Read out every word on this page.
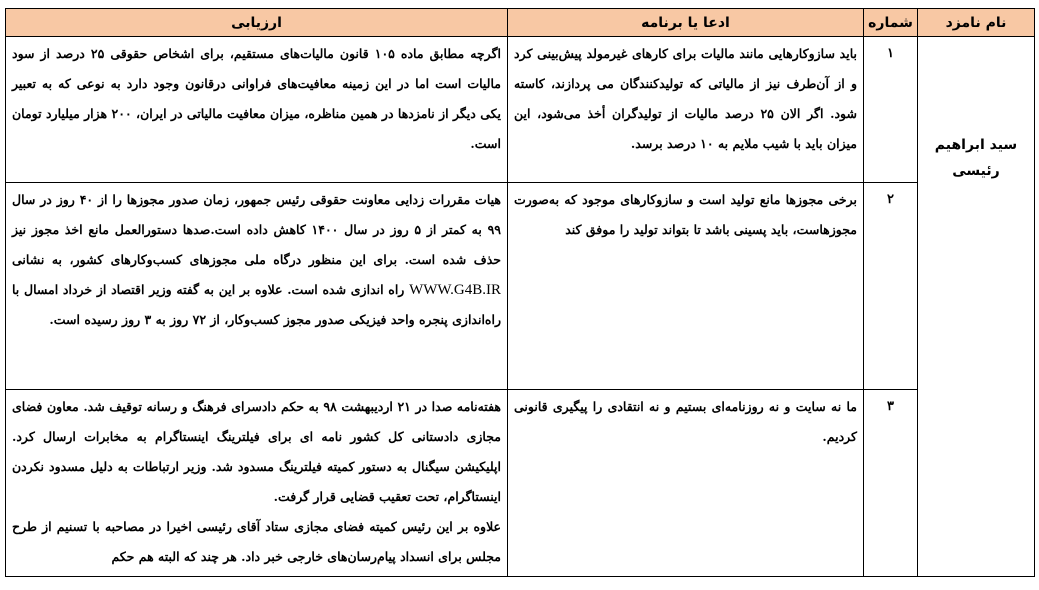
نام نامزد	شماره	ادعا یا برنامه	ارزیابی

سید ابراهیم رئیسی
	۱	باید سازوکارهایی مانند مالیات برای کارهای غیرمولد پیش‌بینی کرد و از آن‌طرف نیز از مالیاتی که تولیدکنندگان می پردازند، کاسته شود. اگر الان ۲۵ درصد مالیات از تولیدگران أخذ می‌شود، این میزان باید با شیب ملایم به ۱۰ درصد برسد.	اگرچه مطابق ماده ۱۰۵ قانون مالیات‌های مستقیم، برای اشخاص حقوقی ۲۵ درصد از سود مالیات است اما در این زمینه معافیت‌های فراوانی درقانون وجود دارد به نوعی که به تعبیر یکی دیگر از نامزدها در همین مناظره، میزان معافیت مالیاتی در ایران، ۲۰۰ هزار میلیارد تومان است.
	۲	برخی مجوزها مانع تولید است و سازوکارهای موجود که به‌صورت مجوزهاست، باید پسینی باشد تا بتواند تولید را موفق کند	هیات مقررات زدایی معاونت حقوقی رئیس جمهور، زمان صدور مجوزها را از ۴۰ روز در سال ۹۹ به کمتر از ۵ روز در سال ۱۴۰۰ کاهش داده است.صدها دستورالعمل مانع اخذ مجوز نیز حذف شده است. برای این منظور درگاه ملی مجوزهای کسب‌وکارهای کشور، به نشانی WWW.G4B.IR راه اندازی شده است. علاوه بر این به گفته وزیر اقتصاد از خرداد امسال با راه‌اندازی پنجره واحد فیزیکی صدور مجوز کسب‌وکار، از ۷۲ روز به ۳ روز رسیده است.
	۳	ما نه سایت و نه روزنامه‌ای بستیم و نه انتقادی را پیگیری قانونی کردیم.	هفته‌نامه صدا در ۲۱ اردیبهشت ۹۸ به حکم دادسرای فرهنگ و رسانه توقیف شد. معاون فضای مجازی دادستانی کل کشور نامه ای برای فیلترینگ اینستاگرام به مخابرات ارسال کرد. اپلیکیشن سیگنال به دستور کمیته فیلترینگ مسدود شد. وزیر ارتباطات به دلیل مسدود نکردن اینستاگرام، تحت تعقیب قضایی قرار گرفت.
علاوه بر این رئیس کمیته فضای مجازی ستاد آقای رئیسی اخیرا در مصاحبه با تسنیم از طرح مجلس برای انسداد پیام‌رسان‌های خارجی خبر داد. هر چند که البته هم حکم
